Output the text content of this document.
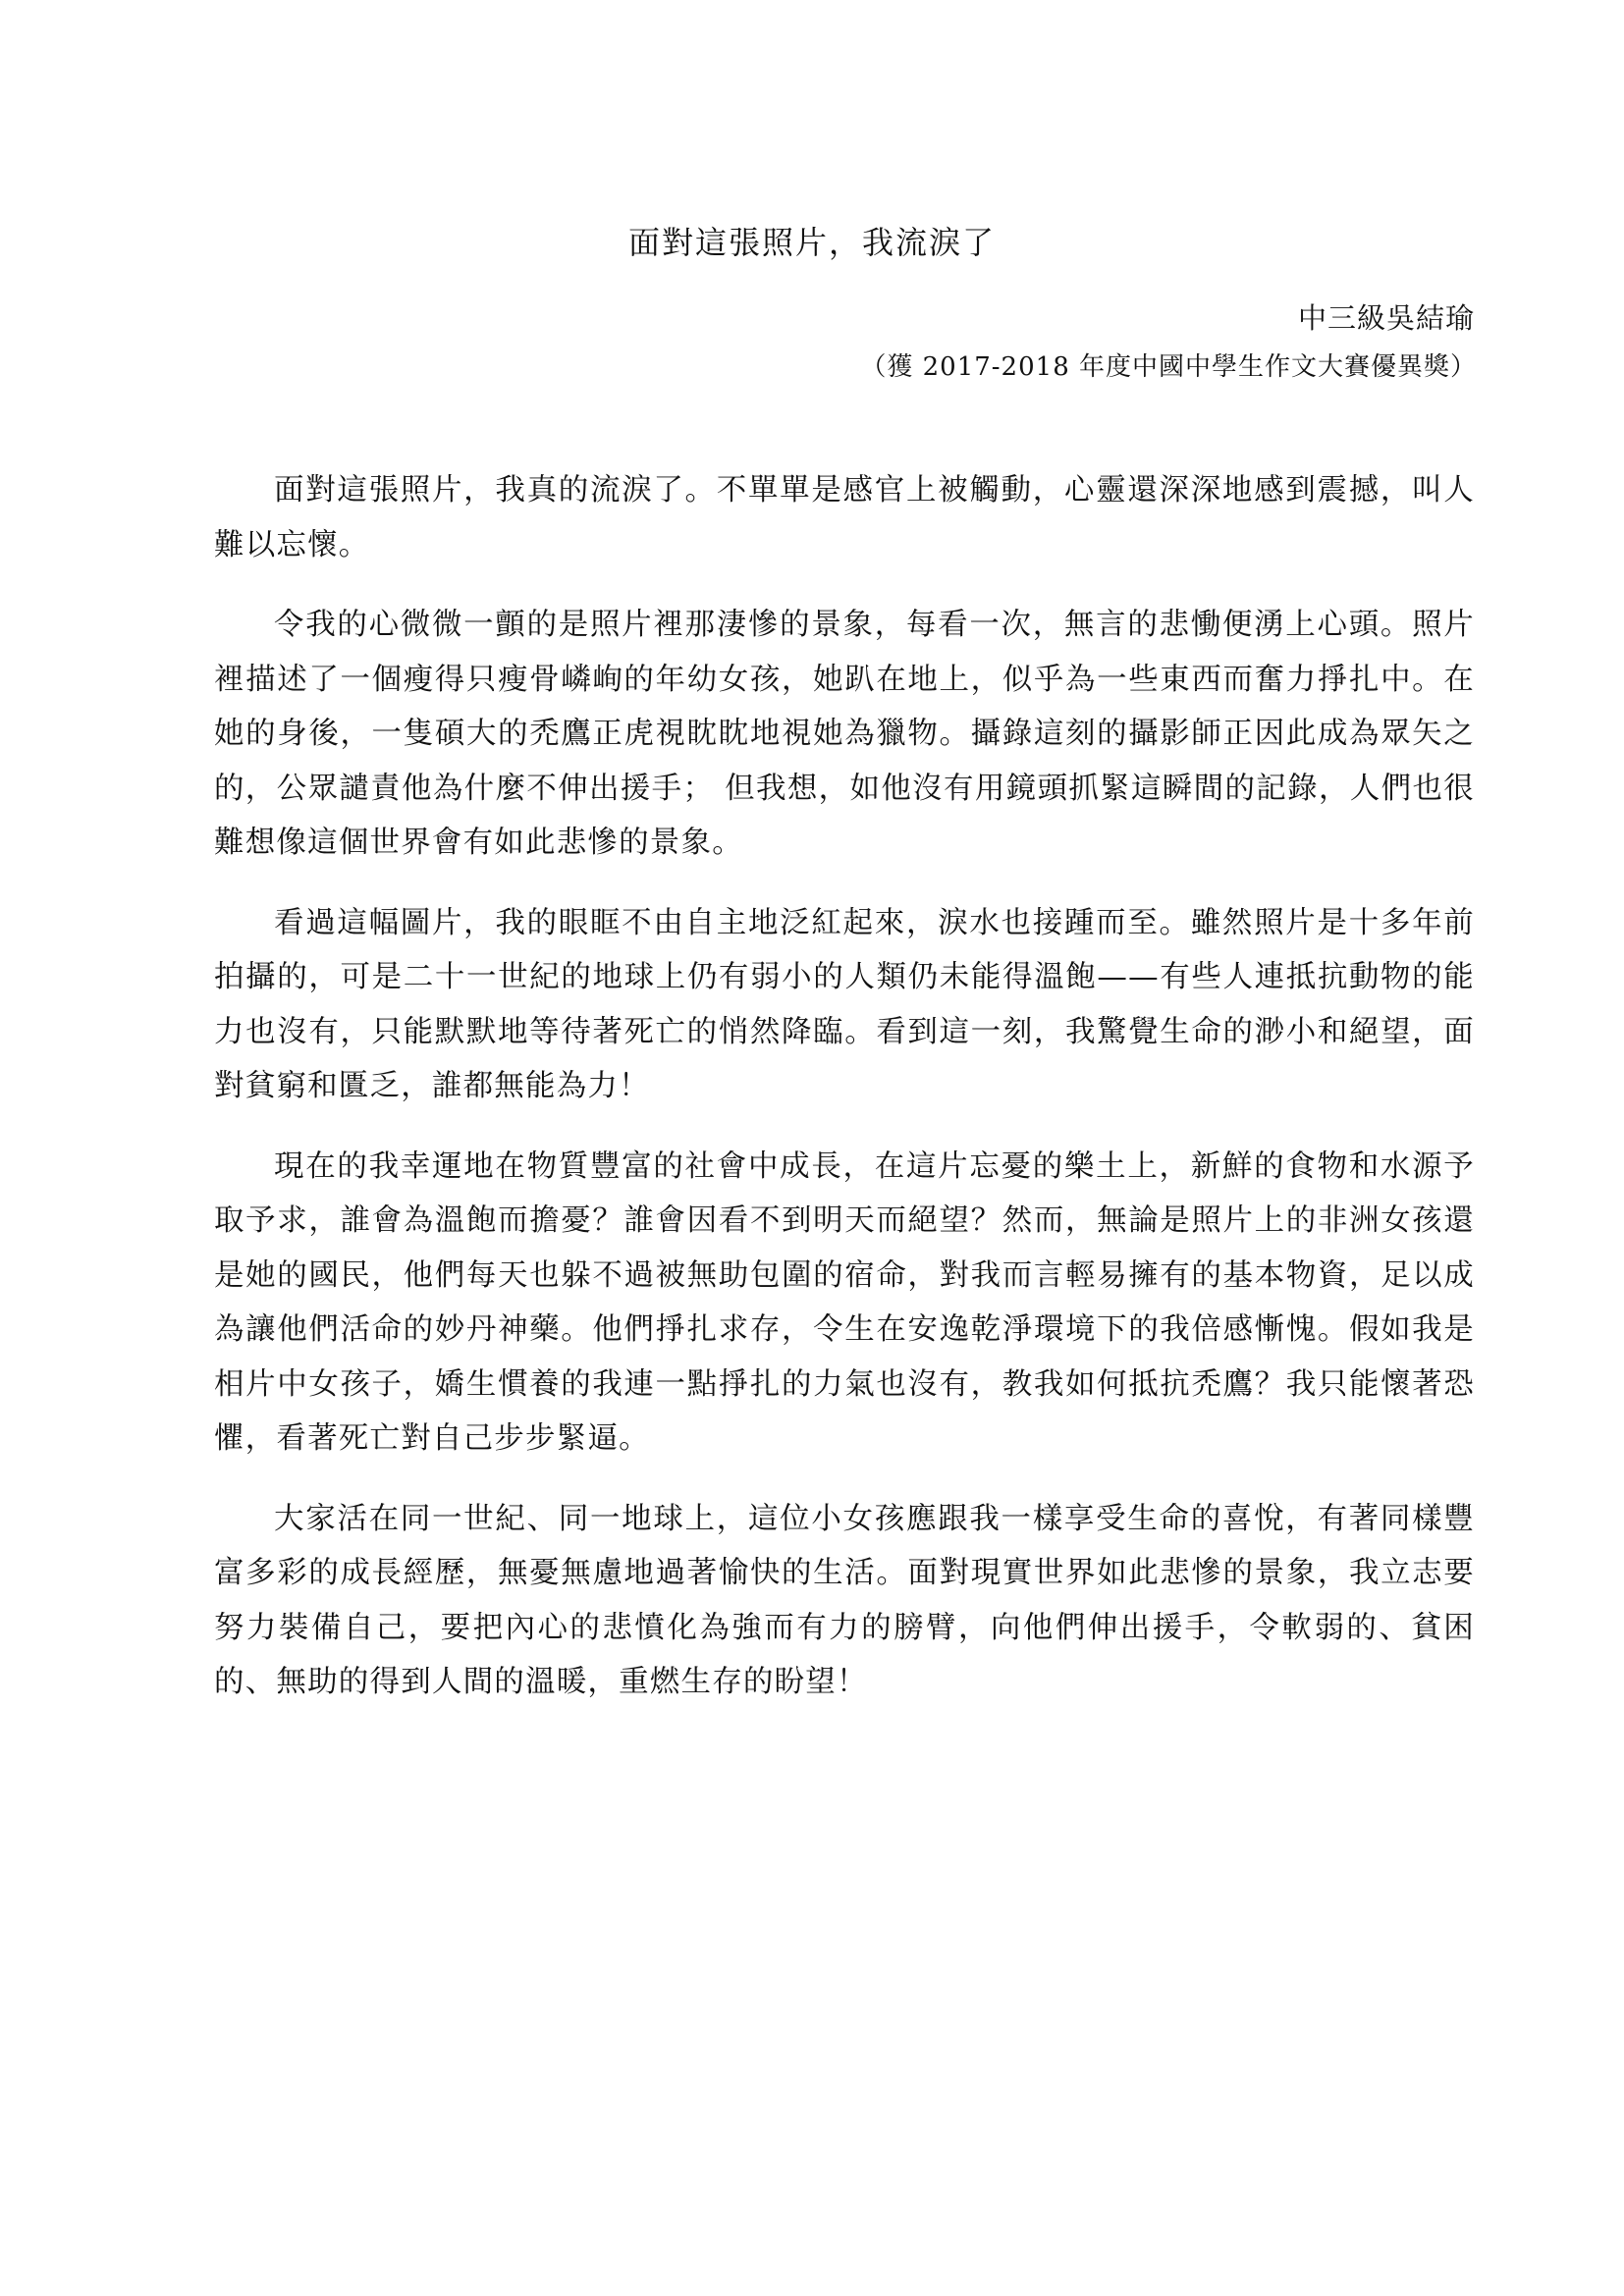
面對這張照片，我流淚了

中三級吳結瑜

（獲 2017-2018 年度中國中學生作文大賽優異獎）

面對這張照片，我真的流淚了。不單單是感官上被觸動，心靈還深深地感到震撼，叫人難以忘懷。

令我的心微微一顫的是照片裡那淒慘的景象，每看一次，無言的悲慟便湧上心頭。照片裡描述了一個瘦得只瘦骨嶙峋的年幼女孩，她趴在地上，似乎為一些東西而奮力掙扎中。在她的身後，一隻碩大的禿鷹正虎視眈眈地視她為獵物。攝錄這刻的攝影師正因此成為眾矢之的，公眾譴責他為什麼不伸出援手； 但我想，如他沒有用鏡頭抓緊這瞬間的記錄，人們也很難想像這個世界會有如此悲慘的景象。

看過這幅圖片，我的眼眶不由自主地泛紅起來，淚水也接踵而至。雖然照片是十多年前拍攝的，可是二十一世紀的地球上仍有弱小的人類仍未能得溫飽——有些人連抵抗動物的能力也沒有，只能默默地等待著死亡的悄然降臨。看到這一刻，我驚覺生命的渺小和絕望，面對貧窮和匱乏，誰都無能為力！

現在的我幸運地在物質豐富的社會中成長，在這片忘憂的樂土上，新鮮的食物和水源予取予求，誰會為溫飽而擔憂？誰會因看不到明天而絕望？然而，無論是照片上的非洲女孩還是她的國民，他們每天也躲不過被無助包圍的宿命，對我而言輕易擁有的基本物資，足以成為讓他們活命的妙丹神藥。他們掙扎求存，令生在安逸乾淨環境下的我倍感慚愧。假如我是相片中女孩子，嬌生慣養的我連一點掙扎的力氣也沒有，教我如何抵抗禿鷹？我只能懷著恐懼，看著死亡對自己步步緊逼。

大家活在同一世紀、同一地球上，這位小女孩應跟我一樣享受生命的喜悅，有著同樣豐富多彩的成長經歷，無憂無慮地過著愉快的生活。面對現實世界如此悲慘的景象，我立志要努力裝備自己，要把內心的悲憤化為強而有力的膀臂，向他們伸出援手，令軟弱的、貧困的、無助的得到人間的溫暖，重燃生存的盼望！
